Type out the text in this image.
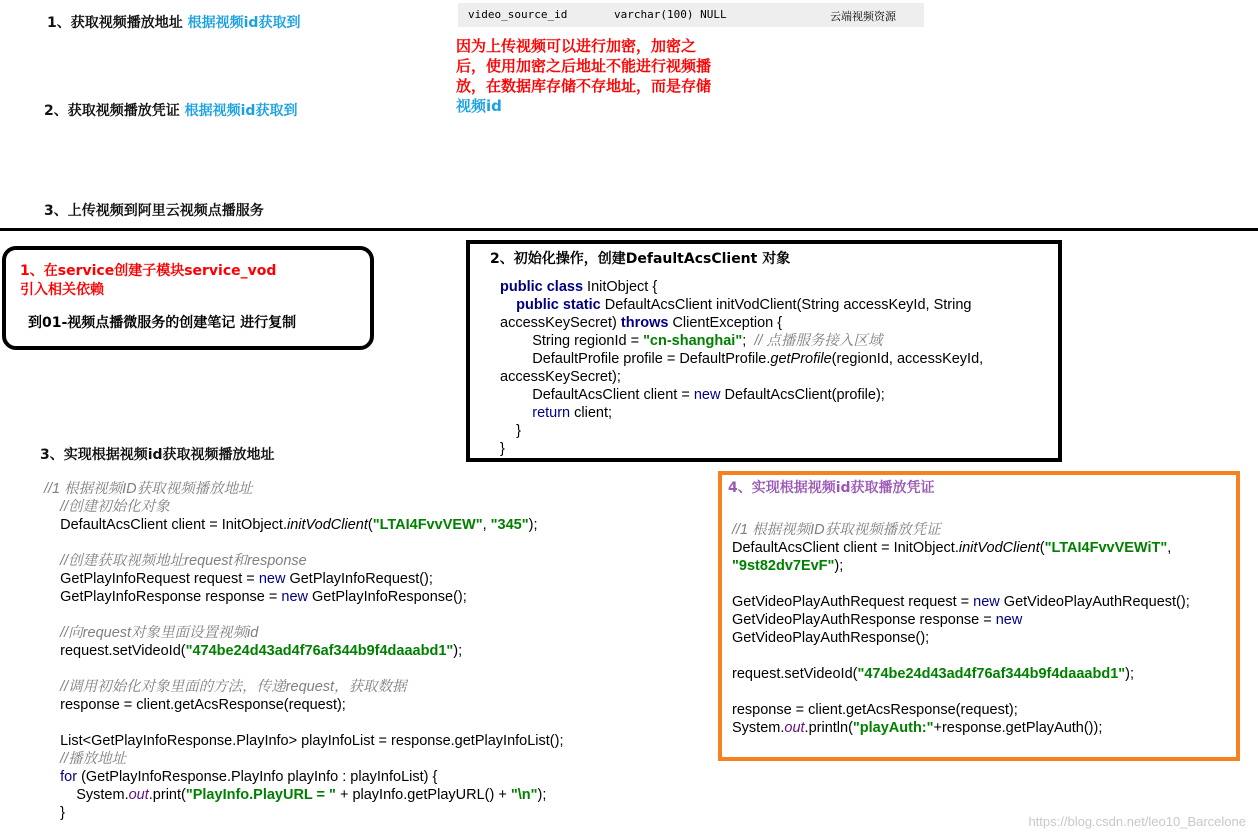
1、获取视频播放地址 根据视频id获取到
2、获取视频播放凭证 根据视频id获取到
3、上传视频到阿里云视频点播服务
video_source_id	varchar(100) NULL	云端视频资源
因为上传视频可以进行加密，加密之后，使用加密之后地址不能进行视频播放，在数据库存储不存地址，而是存储 视频id
1、在service创建子模块service_vod
引入相关依赖
到01-视频点播微服务的创建笔记 进行复制
2、初始化操作，创建DefaultAcsClient 对象
public class InitObject {
public static DefaultAcsClient initVodClient(String accessKeyId, String
accessKeySecret) throws ClientException {
String regionId = "cn-shanghai";  // 点播服务接入区域
DefaultProfile profile = DefaultProfile.getProfile(regionId, accessKeyId,
accessKeySecret);
DefaultAcsClient client = new DefaultAcsClient(profile);
return client;
}
}
3、实现根据视频id获取视频播放地址
//1 根据视频ID获取视频播放地址
//创建初始化对象
DefaultAcsClient client = InitObject.initVodClient("LTAI4FvvVEW", "345");

//创建获取视频地址request和response
GetPlayInfoRequest request = new GetPlayInfoRequest();
GetPlayInfoResponse response = new GetPlayInfoResponse();

//向request对象里面设置视频id
request.setVideoId("474be24d43ad4f76af344b9f4daaabd1");

//调用初始化对象里面的方法，传递request，获取数据
response = client.getAcsResponse(request);

List<GetPlayInfoResponse.PlayInfo> playInfoList = response.getPlayInfoList();
//播放地址
for (GetPlayInfoResponse.PlayInfo playInfo : playInfoList) {
System.out.print("PlayInfo.PlayURL = " + playInfo.getPlayURL() + "\n");
}
4、实现根据视频id获取播放凭证
//1 根据视频ID获取视频播放凭证
DefaultAcsClient client = InitObject.initVodClient("LTAI4FvvVEWiT",
"9st82dv7EvF");

GetVideoPlayAuthRequest request = new GetVideoPlayAuthRequest();
GetVideoPlayAuthResponse response = new
GetVideoPlayAuthResponse();

request.setVideoId("474be24d43ad4f76af344b9f4daaabd1");

response = client.getAcsResponse(request);
System.out.println("playAuth:"+response.getPlayAuth());
https://blog.csdn.net/leo10_Barcelone
